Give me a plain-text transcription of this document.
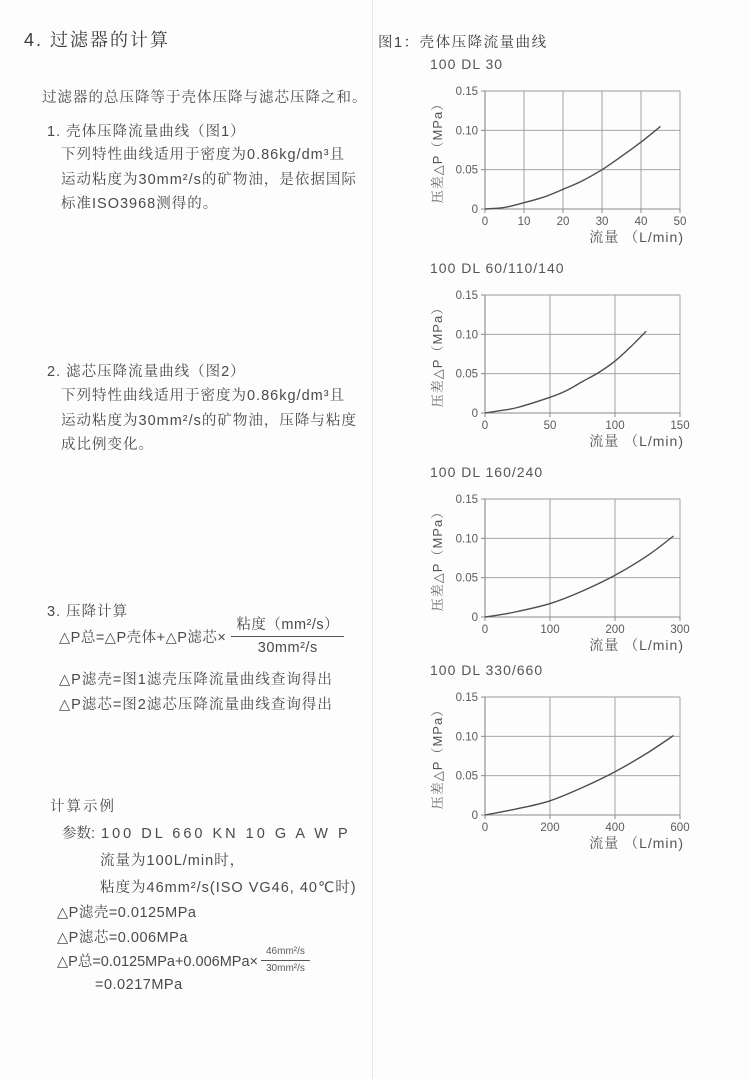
4. 过滤器的计算
过滤器的总压降等于壳体压降与滤芯压降之和。
1. 壳体压降流量曲线（图1）
下列特性曲线适用于密度为0.86kg/dm³且
运动粘度为30mm²/s的矿物油，是依据国际
标准ISO3968测得的。
2. 滤芯压降流量曲线（图2）
下列特性曲线适用于密度为0.86kg/dm³且
运动粘度为30mm²/s的矿物油，压降与粘度
成比例变化。
3. 压降计算
△P总=△P壳体+△P滤芯× $\frac{\text{粘度（mm²/s）}}{\text{30mm²/s}}$
△P滤壳=图1滤壳压降流量曲线查询得出
△P滤芯=图2滤芯压降流量曲线查询得出
计算示例
参数: 100 DL 660 KN 10 G A W P
流量为100L/min时，
粘度为46mm²/s(ISO VG46, 40℃时)
△P滤壳=0.0125MPa
△P滤芯=0.006MPa
△P总$=0.0125MPa+0.006MPa\times \frac{\text{46mm²/s}}{\text{30mm²/s}}$
=0.0217MPa
图1：壳体压降流量曲线
100 DL 30
0	10 20 30 40 50
0
0.05
0.10
0.15
压差△P（MPa）
流量 （L/min)
100 DL 60/110/140
0	50	100	150
0
0.05
0.10
0.15
压差△P（MPa）
流量 （L/min)
100 DL 160/240
0	100	200	300
0
0.05
0.10
0.15
压差△P（MPa）
流量 （L/min)
100 DL 330/660
0	200	400	600
0
0.05
0.10
0.15
压差△P（MPa）
流量 （L/min)
